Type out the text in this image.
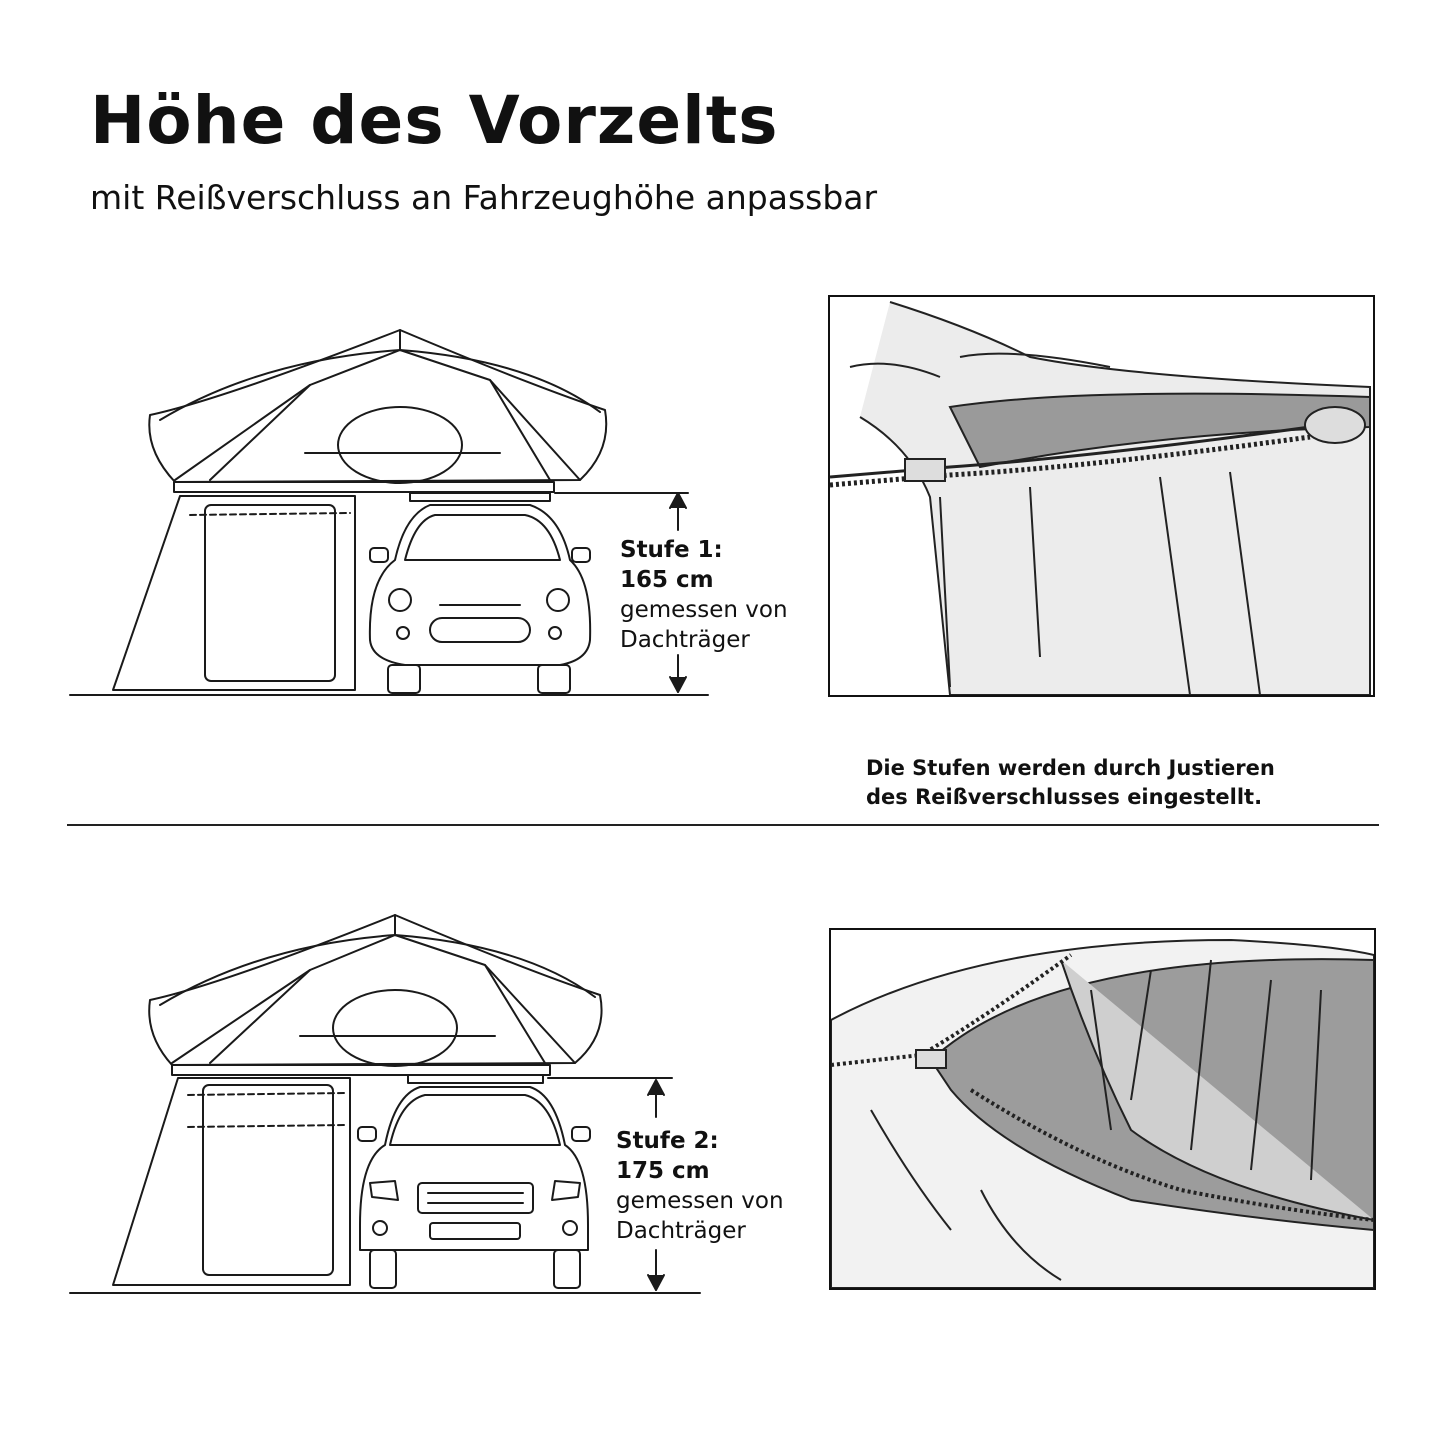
Höhe des Vorzelts

mit Reißverschluss an Fahrzeughöhe anpassbar

Stufe 1:
165 cm
gemessen von
Dachträger
Die Stufen werden durch Justieren
des Reißverschlusses eingestellt.
Stufe 2:
175 cm
gemessen von
Dachträger
